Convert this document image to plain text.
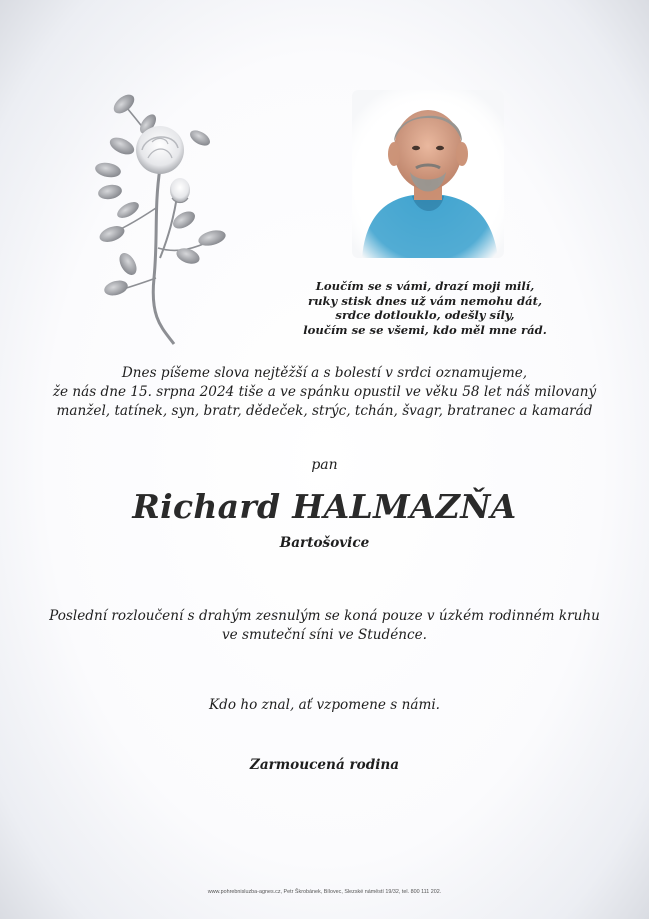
Loučím se s vámi, drazí moji milí,
ruky stisk dnes už vám nemohu dát,
srdce dotlouklo, odešly síly,
loučím se se všemi, kdo měl mne rád.
Dnes píšeme slova nejtěžší a s bolestí v srdci oznamujeme,
že nás dne 15. srpna 2024 tiše a ve spánku opustil ve věku 58 let náš milovaný
manžel, tatínek, syn, bratr, dědeček, strýc, tchán, švagr, bratranec a kamarád
pan
Richard HALMAZŇA
Bartošovice
Poslední rozloučení s drahým zesnulým se koná pouze v úzkém rodinném kruhu
ve smuteční síni ve Studénce.
Kdo ho znal, ať vzpomene s námi.
Zarmoucená rodina
www.pohrebnisluzba-agnes.cz, Petr Škrobánek, Bílovec, Slezské náměstí 19/32, tel. 800 111 202.
